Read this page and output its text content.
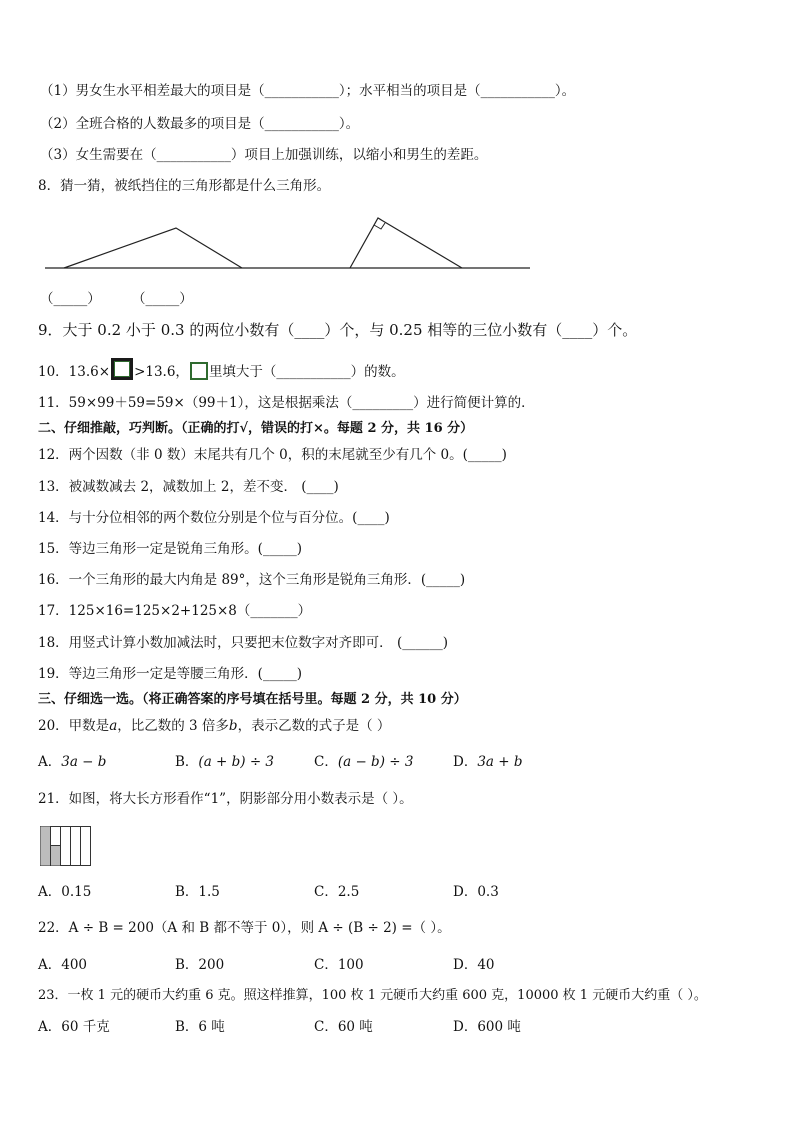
（1）男女生水平相差最大的项目是（___________）；水平相当的项目是（___________）。
（2）全班合格的人数最多的项目是（___________）。
（3）女生需要在（___________）项目上加强训练，以缩小和男生的差距。
8．猜一猜，被纸挡住的三角形都是什么三角形。
（_____） （_____）
9．大于 0.2 小于 0.3 的两位小数有（____）个，与 0.25 相等的三位小数有（____）个。
10．13.6× >13.6， 里填大于（___________）的数。
11．59×99＋59=59×（99＋1），这是根据乘法（_________）进行简便计算的．
二、仔细推敲，巧判断。（正确的打√，错误的打×。每题 2 分，共 16 分）
12．两个因数（非 0 数）末尾共有几个 0，积的末尾就至少有几个 0。(_____)
13．被减数减去 2，减数加上 2，差不变． (____)
14．与十分位相邻的两个数位分别是个位与百分位。(____)
15．等边三角形一定是锐角三角形。(_____)
16．一个三角形的最大内角是 89°，这个三角形是锐角三角形．(_____)
17．125×16=125×2+125×8（_______）
18．用竖式计算小数加减法时，只要把末位数字对齐即可． (______)
19．等边三角形一定是等腰三角形．(_____)
三、仔细选一选。（将正确答案的序号填在括号里。每题 2 分，共 10 分）
20．甲数是a，比乙数的 3 倍多b，表示乙数的式子是（ ）
A．3a − b	B．(a + b) ÷ 3	C．(a − b) ÷ 3	D．3a + b
21．如图，将大长方形看作“1”，阴影部分用小数表示是（ ）。
A．0.15	B．1.5	C．2.5	D．0.3
22．A ÷ B = 200（A 和 B 都不等于 0），则 A ÷ (B ÷ 2) =（ ）。
A．400	B．200	C．100	D．40
23．一枚 1 元的硬币大约重 6 克。照这样推算，100 枚 1 元硬币大约重 600 克，10000 枚 1 元硬币大约重（ ）。
A．60 千克	B．6 吨	C．60 吨	D．600 吨
